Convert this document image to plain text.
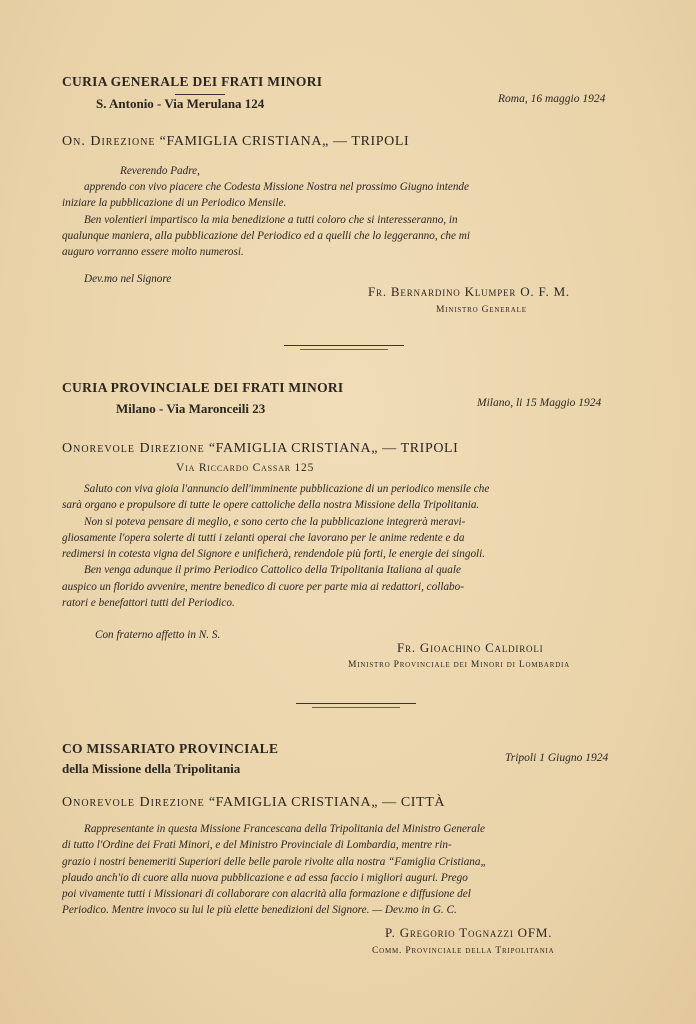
CURIA GENERALE DEI FRATI MINORI
S. Antonio - Via Merulana 124	Roma, 16 maggio 1924
On. Direzione “FAMIGLIA CRISTIANA„ — TRIPOLI
Reverendo Padre,

apprendo con vivo piacere che Codesta Missione Nostra nel prossimo Giugno intende

iniziare la pubblicazione di un Periodico Mensile.

Ben volentieri impartisco la mia benedizione a tutti coloro che si interesseranno, in

qualunque maniera, alla pubblicazione del Periodico ed a quelli che lo leggeranno, che mi

auguro vorranno essere molto numerosi.

Dev.mo nel Signore
Fr. Bernardino Klumper O. F. M.
Ministro Generale
CURIA PROVINCIALE DEI FRATI MINORI
Milano - Via Maronceili 23	Milano, li 15 Maggio 1924
Onorevole Direzione “FAMIGLIA CRISTIANA„ — TRIPOLI
Via Riccardo Cassar 125

Saluto con viva gioia l'annuncio dell'imminente pubblicazione di un periodico mensile che

sarà organo e propulsore di tutte le opere cattoliche della nostra Missione della Tripolitania.

Non si poteva pensare di meglio, e sono certo che la pubblicazione integrerà meravi-

gliosamente l'opera solerte di tutti i zelanti operai che lavorano per le anime redente e da

redimersi in cotesta vigna del Signore e unificherà, rendendole più forti, le energie dei singoli.

Ben venga adunque il primo Periodico Cattolico della Tripolitania Italiana al quale

auspico un florido avvenire, mentre benedico di cuore per parte mia ai redattori, collabo-

ratori e benefattori tutti del Periodico.

Con fraterno affetto in N. S.
Fr. Gioachino Caldiroli
Ministro Provinciale dei Minori di Lombardia
CO MISSARIATO PROVINCIALE
della Missione della Tripolitania
Tripoli 1 Giugno 1924
Onorevole Direzione “FAMIGLIA CRISTIANA„ — CITTÀ

Rappresentante in questa Missione Francescana della Tripolitania del Ministro Generale

di tutto l'Ordine dei Frati Minori, e del Ministro Provinciale di Lombardia, mentre rin-

grazio i nostri benemeriti Superiori delle belle parole rivolte alla nostra “Famiglia Cristiana„

plaudo anch'io di cuore alla nuova pubblicazione e ad essa faccio i migliori auguri. Prego

poi vivamente tutti i Missionari di collaborare con alacrità alla formazione e diffusione del

Periodico. Mentre invoco su lui le più elette benedizioni del Signore. — Dev.mo in G. C.

P. Gregorio Tognazzi OFM.
Comm. Provinciale della Tripolitania
